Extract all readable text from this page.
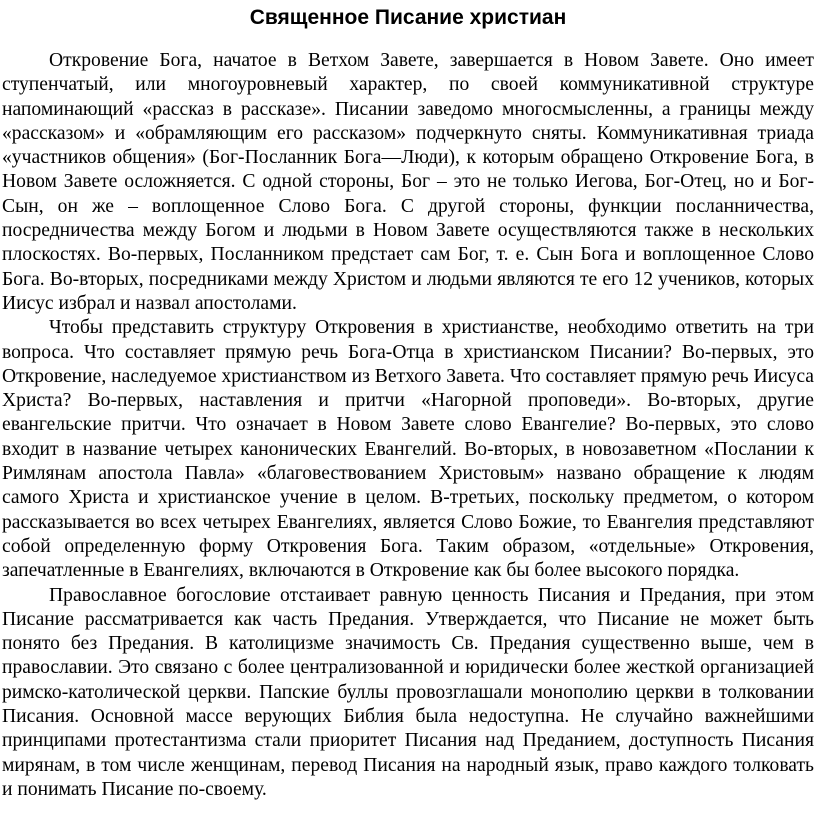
Священное Писание христиан

Откровение Бога, начатое в Ветхом Завете, завершается в Новом Завете. Оно имеет ступенчатый, или многоуровневый характер, по своей коммуникативной структуре напоминающий «рассказ в рассказе». Писании заведомо многосмысленны, а границы между «рассказом» и «обрамляющим его рассказом» подчеркнуто сняты. Коммуникативная триада «участников общения» (Бог-Посланник Бога—Люди), к которым обращено Откровение Бога, в Новом Завете осложняется. С одной стороны, Бог – это не только Иегова, Бог-Отец, но и Бог-Сын, он же – воплощенное Слово Бога. С другой стороны, функции посланничества, посредничества между Богом и людьми в Новом Завете осуществляются также в нескольких плоскостях. Во-первых, Посланником предстает сам Бог, т. е. Сын Бога и воплощенное Слово Бога. Во-вторых, посредниками между Христом и людьми являются те его 12 учеников, которых Иисус избрал и назвал апостолами.

Чтобы представить структуру Откровения в христианстве, необходимо ответить на три вопроса. Что составляет прямую речь Бога-Отца в христианском Писании? Во-первых, это Откровение, наследуемое христианством из Ветхого Завета. Что составляет прямую речь Иисуса Христа? Во-первых, наставления и притчи «Нагорной проповеди». Во-вторых, другие евангельские притчи. Что означает в Новом Завете слово Евангелие? Во-первых, это слово входит в название четырех канонических Евангелий. Во-вторых, в новозаветном «Послании к Римлянам апостола Павла» «благовествованием Христовым» названо обращение к людям самого Христа и христианское учение в целом. В-третьих, поскольку предметом, о котором рассказывается во всех четырех Евангелиях, является Слово Божие, то Евангелия представляют собой определенную форму Откровения Бога. Таким образом, «отдельные» Откровения, запечатленные в Евангелиях, включаются в Откровение как бы более высокого порядка.

Православное богословие отстаивает равную ценность Писания и Предания, при этом Писание рассматривается как часть Предания. Утверждается, что Писание не может быть понято без Предания. В католицизме значимость Св. Предания существенно выше, чем в православии. Это связано с более централизованной и юридически более жесткой организацией римско-католической церкви. Папские буллы провозглашали монополию церкви в толковании Писания. Основной массе верующих Библия была недоступна. Не случайно важнейшими принципами протестантизма стали приоритет Писания над Преданием, доступность Писания мирянам, в том числе женщинам, перевод Писания на народный язык, право каждого толковать и понимать Писание по-своему.
